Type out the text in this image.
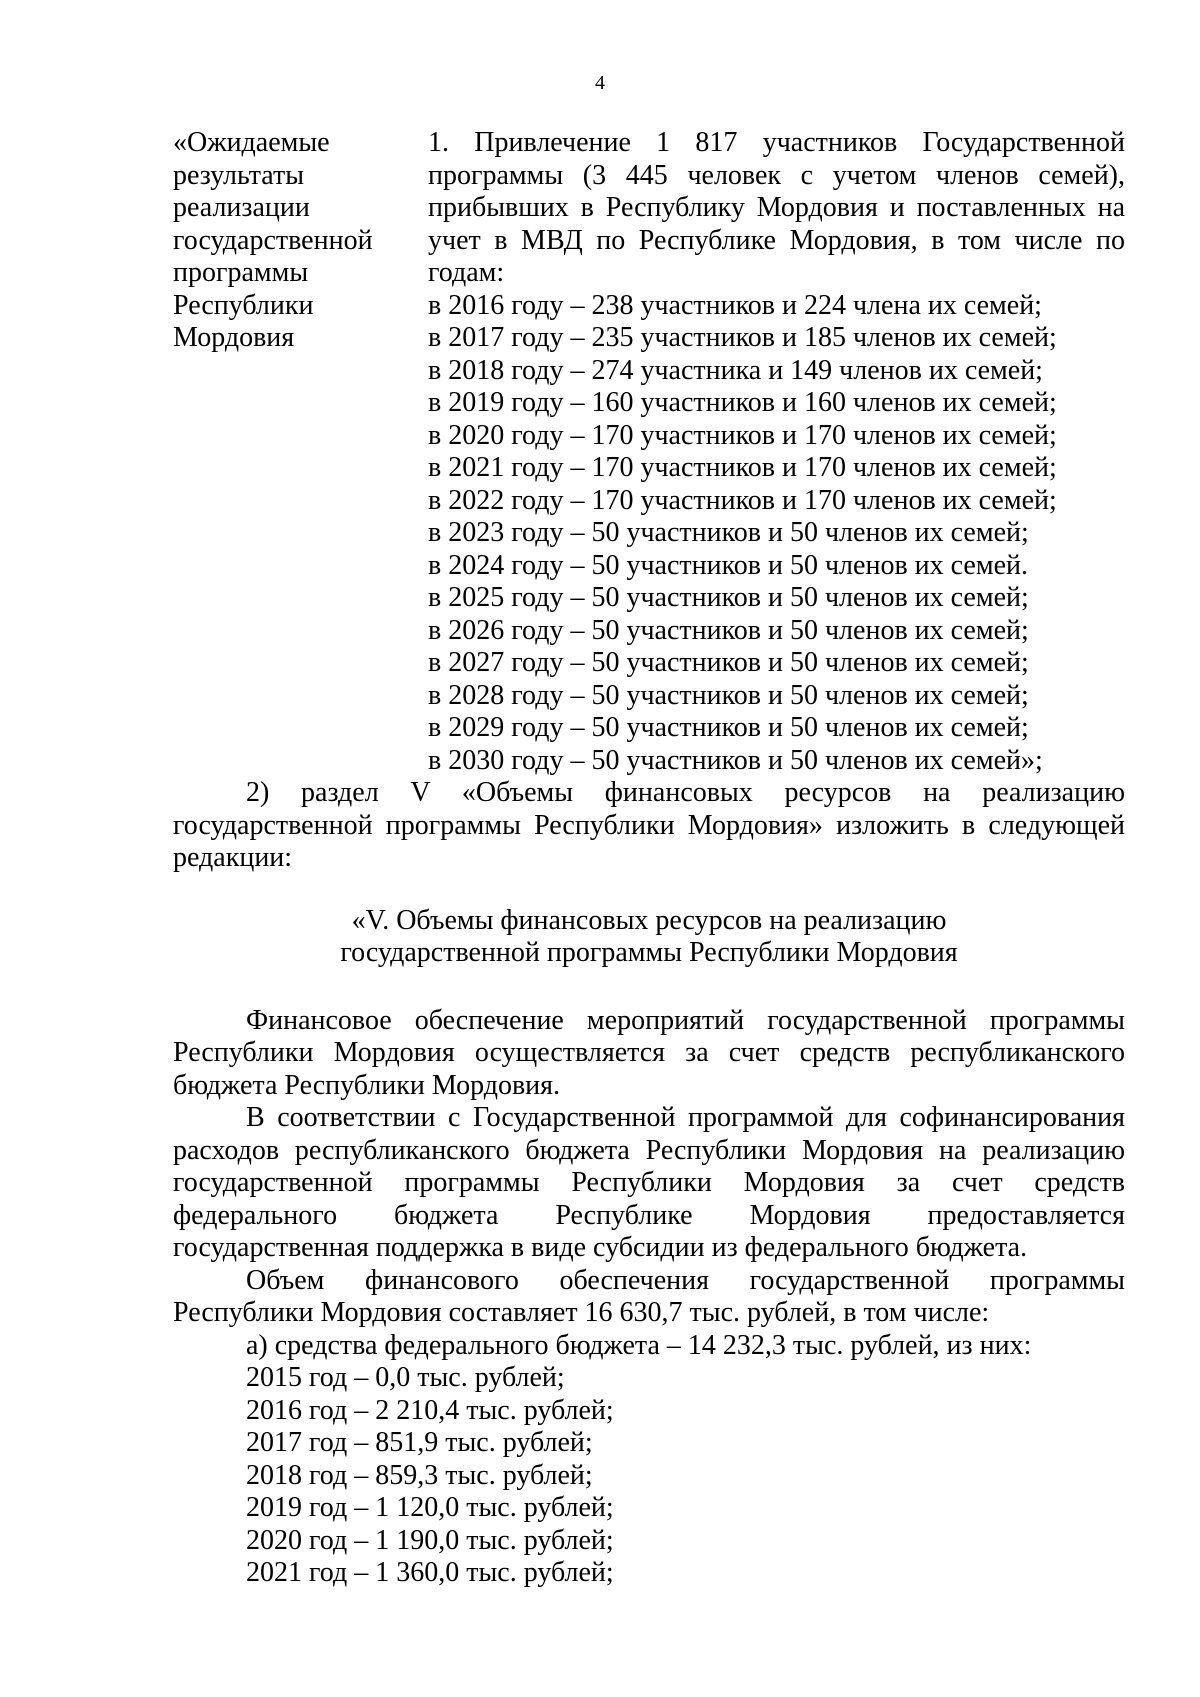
4
«Ожидаемые
результаты
реализации
государственной
программы
Республики
Мордовия
1. Привлечение 1 817 участников Государственной программы (3 445 человек с учетом членов семей), прибывших в Республику Мордовия и поставленных на учет в МВД по Республике Мордовия, в том числе по годам:
в 2016 году – 238 участников и 224 члена их семей;
в 2017 году – 235 участников и 185 членов их семей;
в 2018 году – 274 участника и 149 членов их семей;
в 2019 году – 160 участников и 160 членов их семей;
в 2020 году – 170 участников и 170 членов их семей;
в 2021 году – 170 участников и 170 членов их семей;
в 2022 году – 170 участников и 170 членов их семей;
в 2023 году – 50 участников и 50 членов их семей;
в 2024 году – 50 участников и 50 членов их семей.
в 2025 году – 50 участников и 50 членов их семей;
в 2026 году – 50 участников и 50 членов их семей;
в 2027 году – 50 участников и 50 членов их семей;
в 2028 году – 50 участников и 50 членов их семей;
в 2029 году – 50 участников и 50 членов их семей;
в 2030 году – 50 участников и 50 членов их семей»;
2) раздел V «Объемы финансовых ресурсов на реализацию государственной программы Республики Мордовия» изложить в следующей редакции:
«V. Объемы финансовых ресурсов на реализацию
государственной программы Республики Мордовия
Финансовое обеспечение мероприятий государственной программы Республики Мордовия осуществляется за счет средств республиканского бюджета Республики Мордовия.
В соответствии с Государственной программой для софинансирования расходов республиканского бюджета Республики Мордовия на реализацию государственной программы Республики Мордовия за счет средств федерального бюджета Республике Мордовия предоставляется государственная поддержка в виде субсидии из федерального бюджета.
Объем финансового обеспечения государственной программы Республики Мордовия составляет 16 630,7 тыс. рублей, в том числе:
а) средства федерального бюджета – 14 232,3 тыс. рублей, из них:
2015 год – 0,0 тыс. рублей;
2016 год – 2 210,4 тыс. рублей;
2017 год – 851,9 тыс. рублей;
2018 год – 859,3 тыс. рублей;
2019 год – 1 120,0 тыс. рублей;
2020 год – 1 190,0 тыс. рублей;
2021 год – 1 360,0 тыс. рублей;
